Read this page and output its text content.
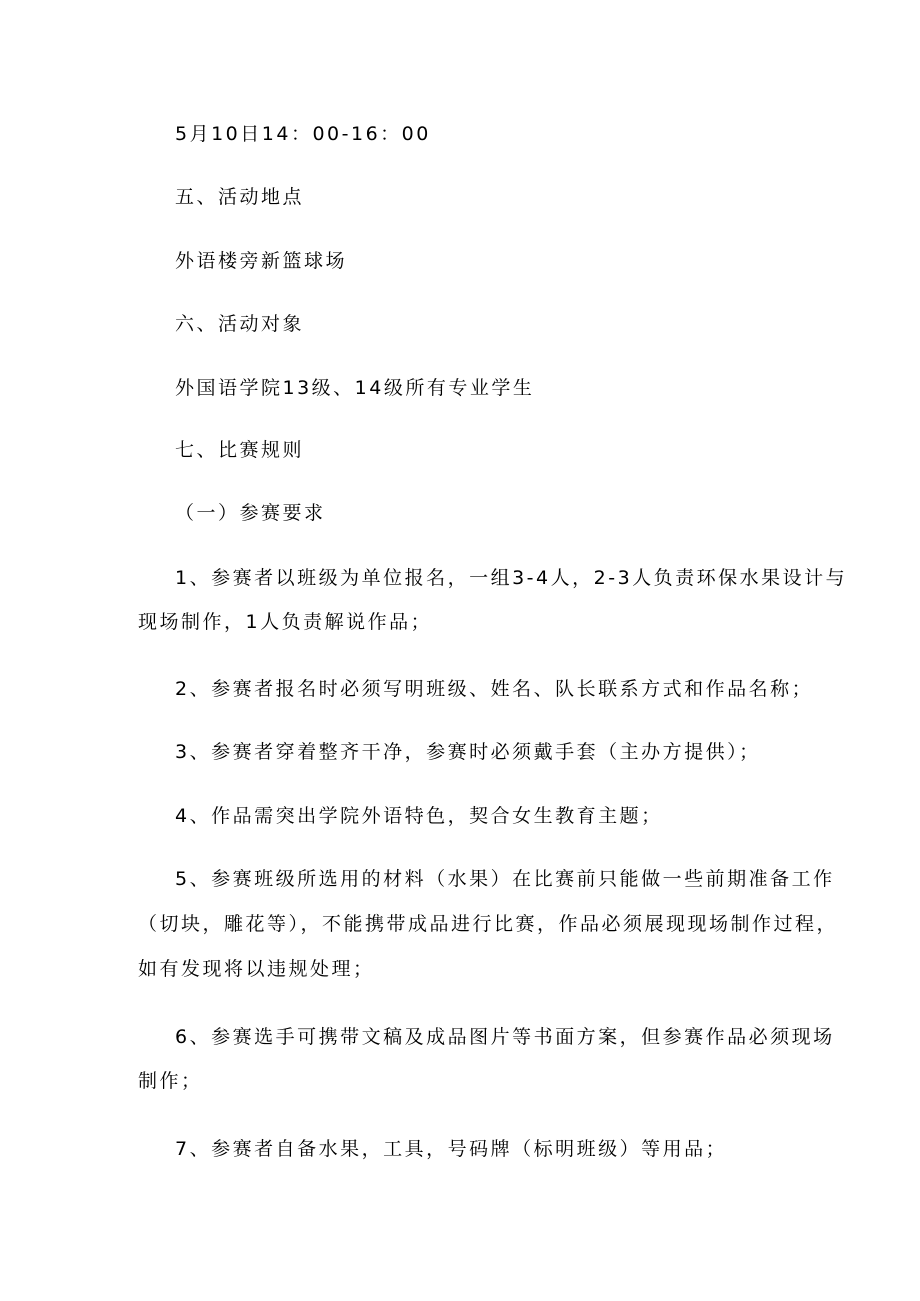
5月10日14：00-16：00

五、活动地点

外语楼旁新篮球场

六、活动对象

外国语学院13级、14级所有专业学生

七、比赛规则

（一）参赛要求

1、参赛者以班级为单位报名，一组3-4人，2-3人负责环保水果设计与
现场制作，1人负责解说作品；
2、参赛者报名时必须写明班级、姓名、队长联系方式和作品名称；
3、参赛者穿着整齐干净，参赛时必须戴手套（主办方提供）；
4、作品需突出学院外语特色，契合女生教育主题；
5、参赛班级所选用的材料（水果）在比赛前只能做一些前期准备工作
（切块，雕花等），不能携带成品进行比赛，作品必须展现现场制作过程，
如有发现将以违规处理；
6、参赛选手可携带文稿及成品图片等书面方案，但参赛作品必须现场
制作；
7、参赛者自备水果，工具，号码牌（标明班级）等用品；
